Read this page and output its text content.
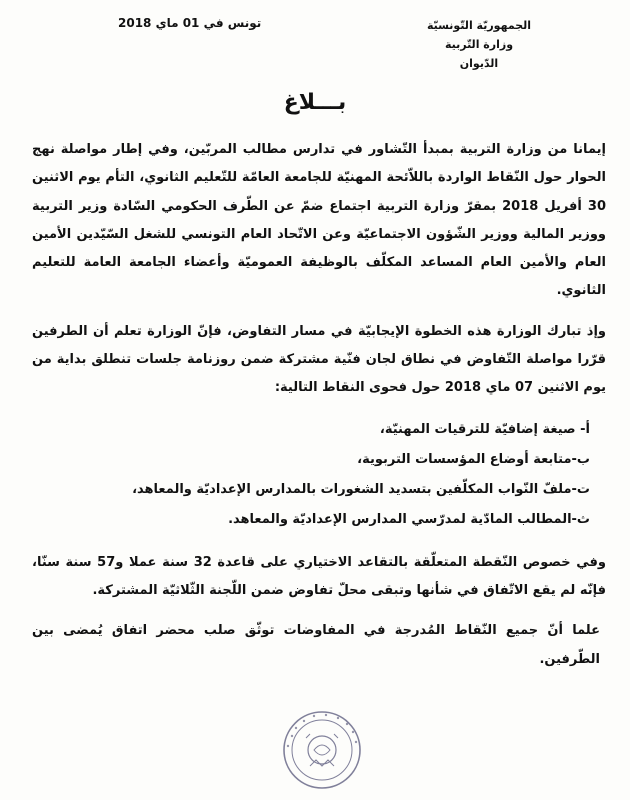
الجمهوريّة التّونسيّة
وزارة التّربية
الدّيوان
تونس في 01 ماي 2018
بـــلاغ

إيمانا من وزارة التربية بمبدأ التّشاور في تدارس مطالب المربّين، وفي إطار مواصلة نهج الحوار حول النّقاط الواردة باللاّئحة المهنيّة للجامعة العامّة للتّعليم الثانوي، التأم يوم الاثنين 30 أفريل 2018 بمقرّ وزارة التربية اجتماع ضمّ عن الطّرف الحكومي السّادة وزير التربية ووزير المالية ووزير الشّؤون الاجتماعيّة وعن الاتّحاد العام التونسي للشغل السّيّدين الأمين العام والأمين العام المساعد المكلّف بالوظيفة العموميّة وأعضاء الجامعة العامة للتعليم الثانوي.

وإذ تبارك الوزارة هذه الخطوة الإيجابيّة في مسار التفاوض، فإنّ الوزارة تعلم أن الطرفين قرّرا مواصلة التّفاوض في نطاق لجان فنّية مشتركة ضمن روزنامة جلسات تنطلق بداية من يوم الاثنين 07 ماي 2018 حول فحوى النقاط التالية:

أ- صيغة إضافيّة للترقيات المهنيّة،
ب-متابعة أوضاع المؤسسات التربوية،
ت-ملفّ النّواب المكلّفين بتسديد الشغورات بالمدارس الإعداديّة والمعاهد،
ث-المطالب المادّية لمدرّسي المدارس الإعداديّة والمعاهد.

وفي خصوص النّقطة المتعلّقة بالتقاعد الاختياري على قاعدة 32 سنة عملا و57 سنة سنّا، فإنّه لم يقع الاتّفاق في شأنها وتبقى محلّ تفاوض ضمن اللّجنة الثّلاثيّة المشتركة.

علما أنّ جميع النّقاط المُدرجة في المفاوضات توثّق صلب محضر اتفاق يُمضى بين الطّرفين.
